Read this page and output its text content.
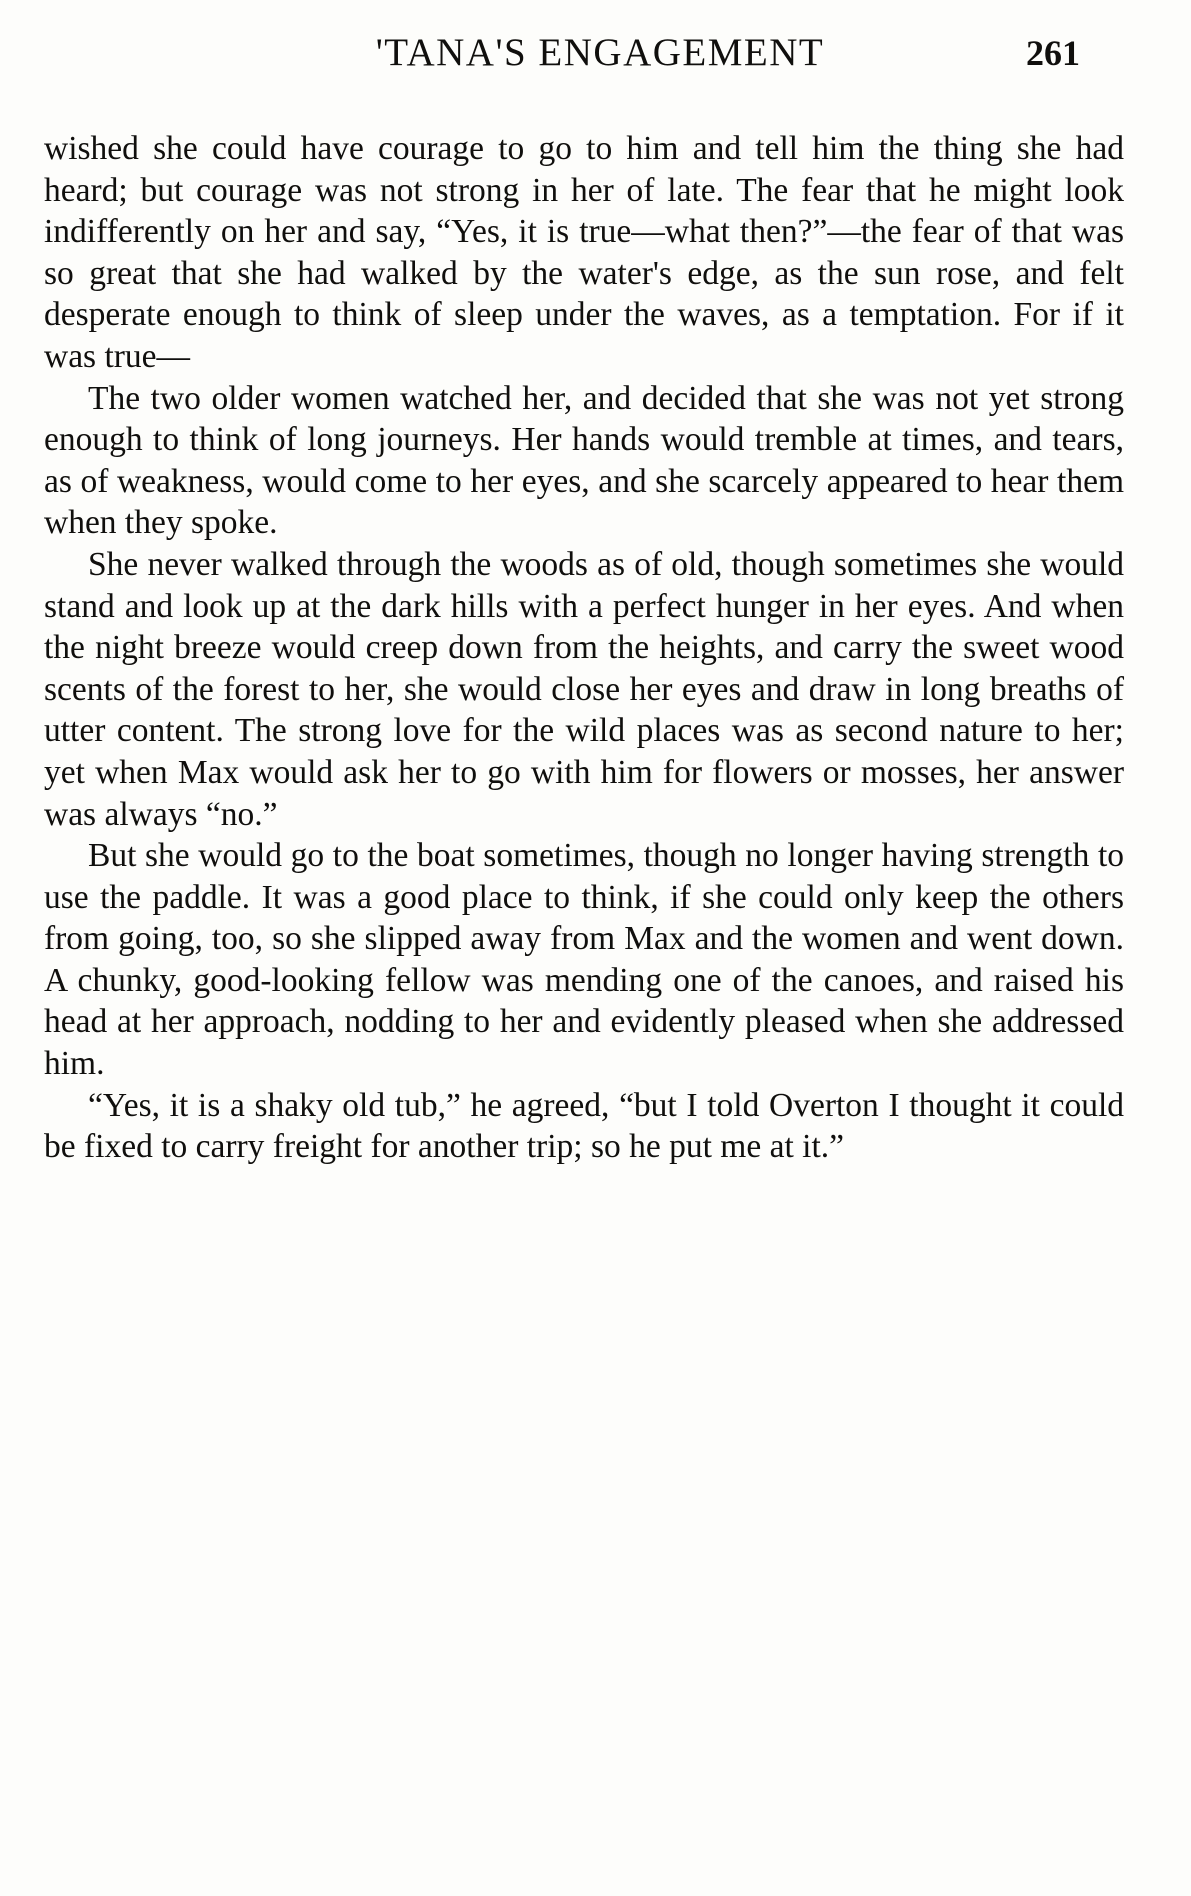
'TANA'S ENGAGEMENT	261

wished she could have courage to go to him and tell him the thing she had heard; but courage was not strong in her of late. The fear that he might look indifferently on her and say, “Yes, it is true—what then?”—the fear of that was so great that she had walked by the water's edge, as the sun rose, and felt desperate enough to think of sleep under the waves, as a temptation. For if it was true—

The two older women watched her, and decided that she was not yet strong enough to think of long journeys. Her hands would tremble at times, and tears, as of weakness, would come to her eyes, and she scarcely appeared to hear them when they spoke.

She never walked through the woods as of old, though sometimes she would stand and look up at the dark hills with a perfect hunger in her eyes. And when the night breeze would creep down from the heights, and carry the sweet wood scents of the forest to her, she would close her eyes and draw in long breaths of utter content. The strong love for the wild places was as second nature to her; yet when Max would ask her to go with him for flowers or mosses, her answer was always “no.”

But she would go to the boat sometimes, though no longer having strength to use the paddle. It was a good place to think, if she could only keep the others from going, too, so she slipped away from Max and the women and went down. A chunky, good-looking fellow was mending one of the canoes, and raised his head at her approach, nodding to her and evidently pleased when she addressed him.

“Yes, it is a shaky old tub,” he agreed, “but I told Overton I thought it could be fixed to carry freight for another trip; so he put me at it.”
